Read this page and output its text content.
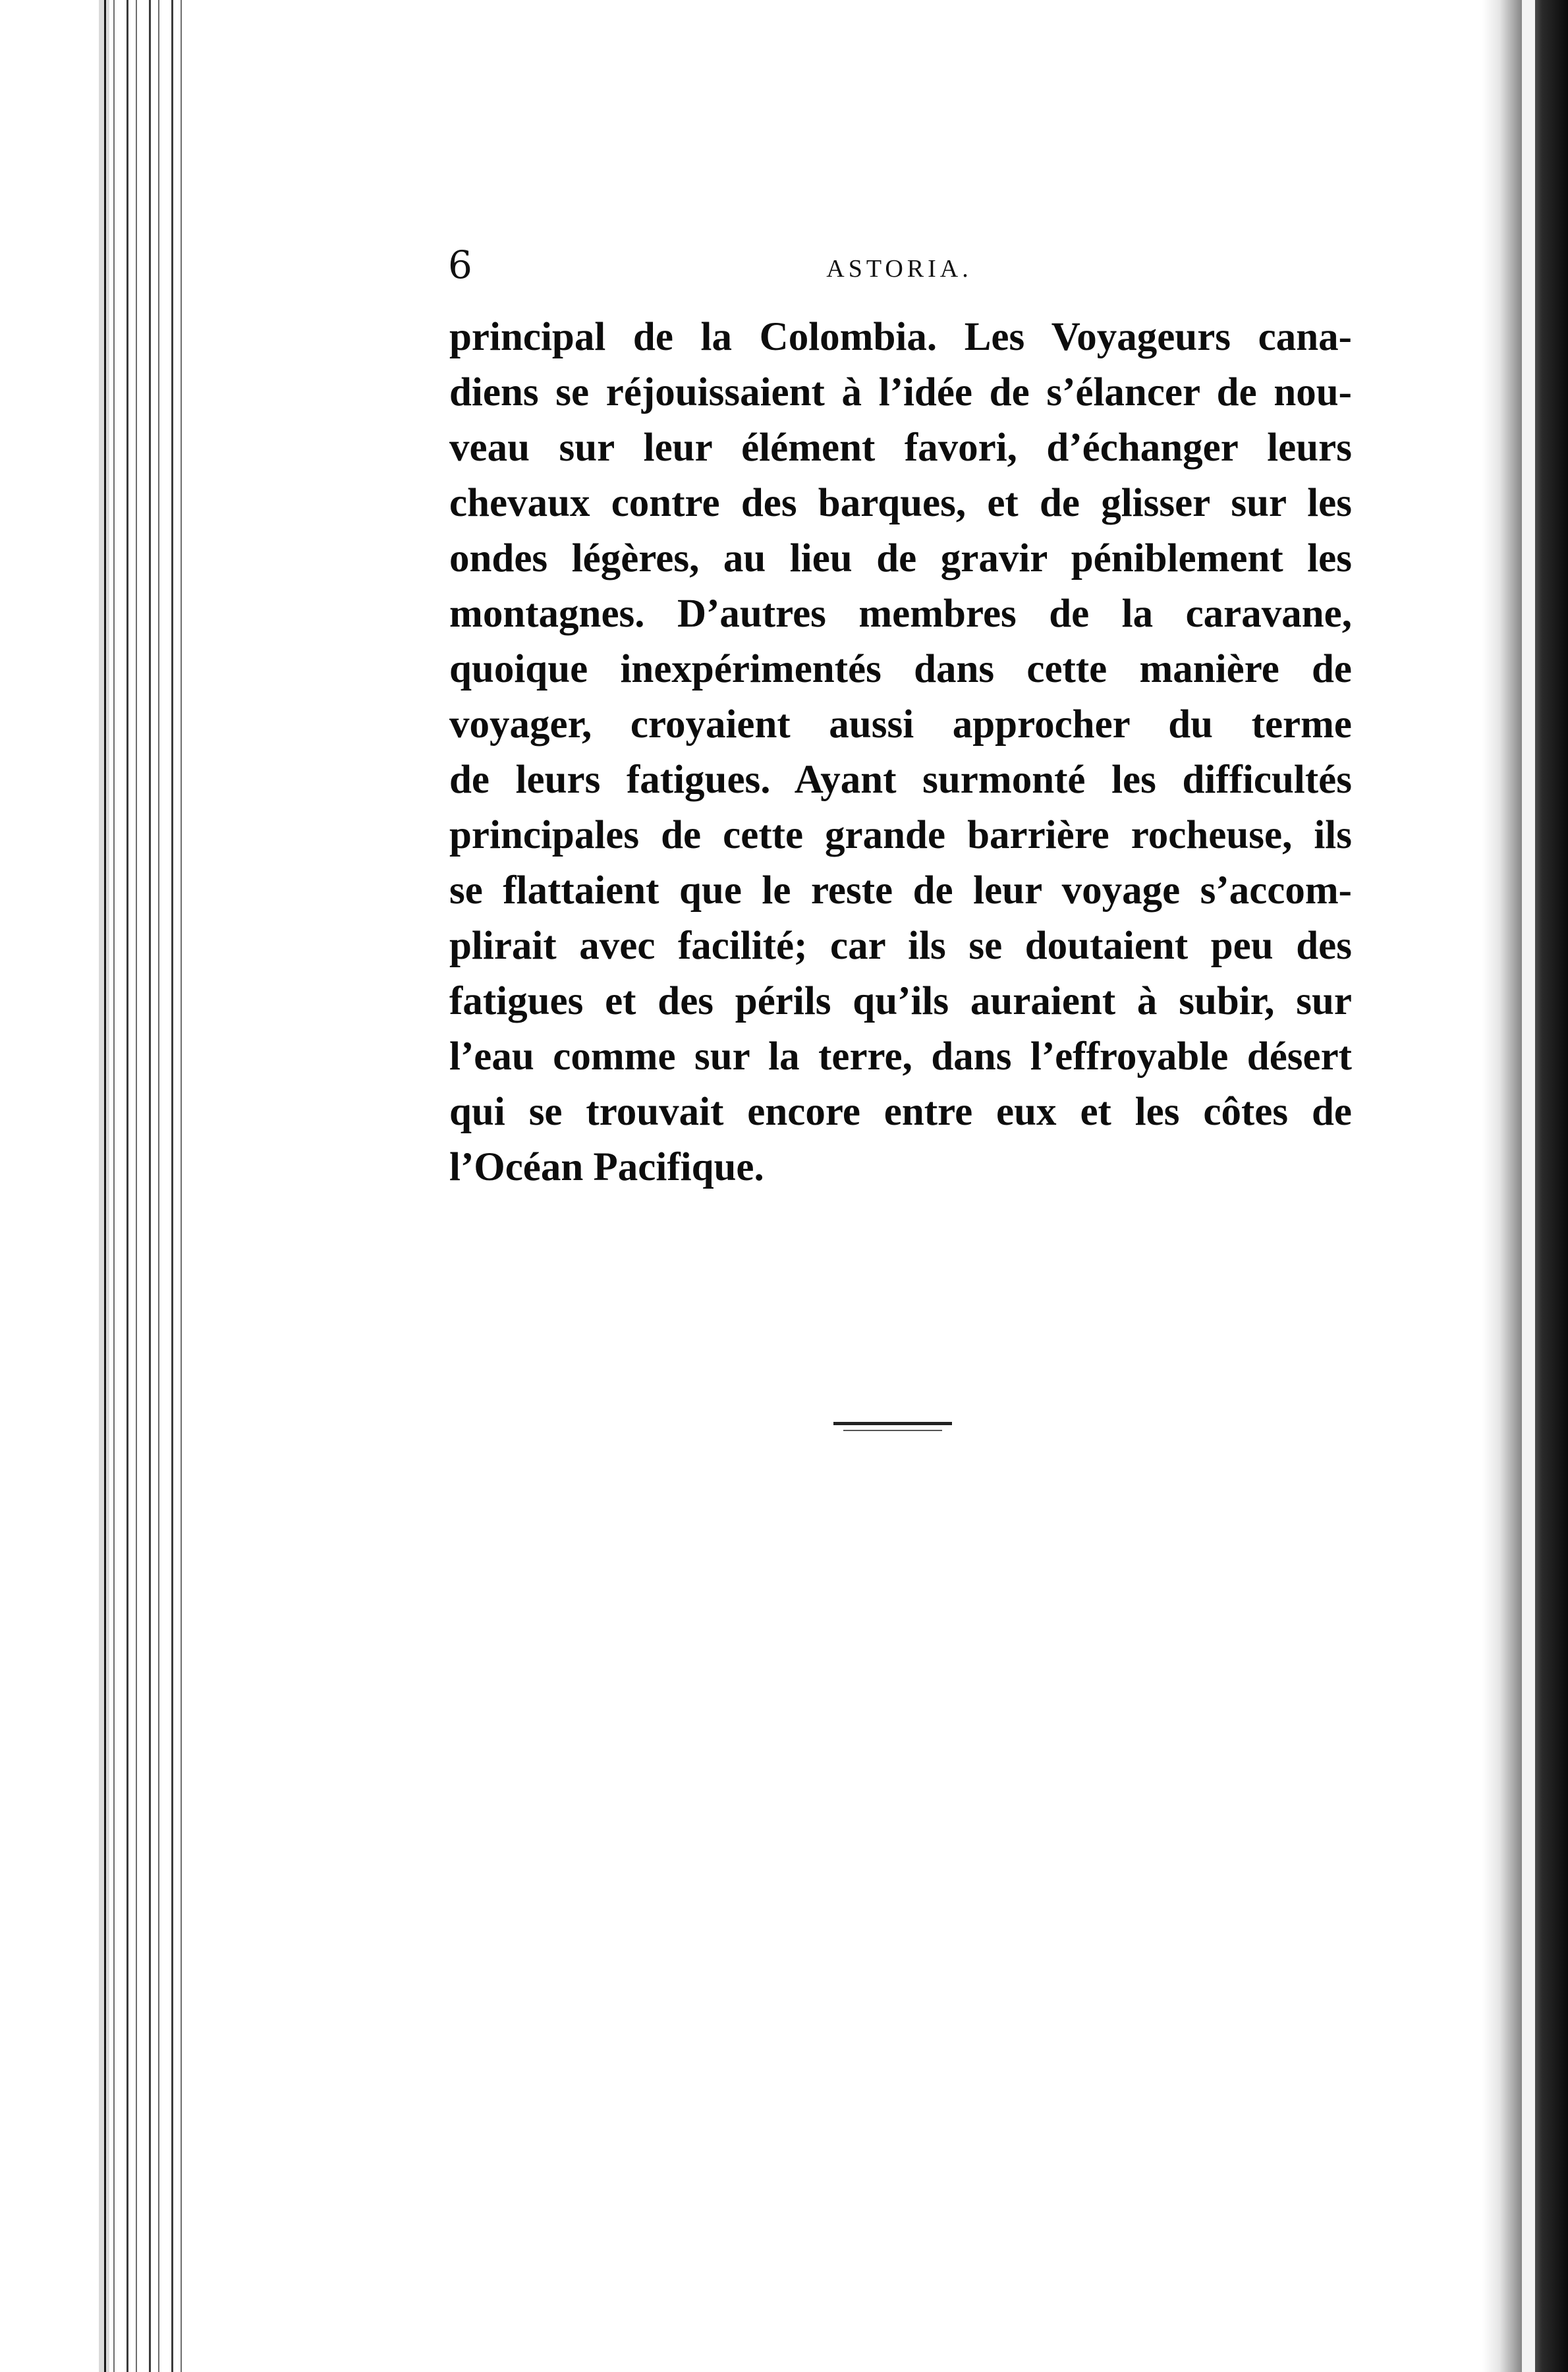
6	ASTORIA.
principal de la Colombia. Les Voyageurs cana-
diens se réjouissaient à l’idée de s’élancer de nou-
veau sur leur élément favori, d’échanger leurs
chevaux contre des barques, et de glisser sur les
ondes légères, au lieu de gravir péniblement les
montagnes. D’autres membres de la caravane,
quoique inexpérimentés dans cette manière de
voyager, croyaient aussi approcher du terme
de leurs fatigues. Ayant surmonté les difficultés
principales de cette grande barrière rocheuse, ils
se flattaient que le reste de leur voyage s’accom-
plirait avec facilité; car ils se doutaient peu des
fatigues et des périls qu’ils auraient à subir, sur
l’eau comme sur la terre, dans l’effroyable désert
qui se trouvait encore entre eux et les côtes de
l’Océan Pacifique.
